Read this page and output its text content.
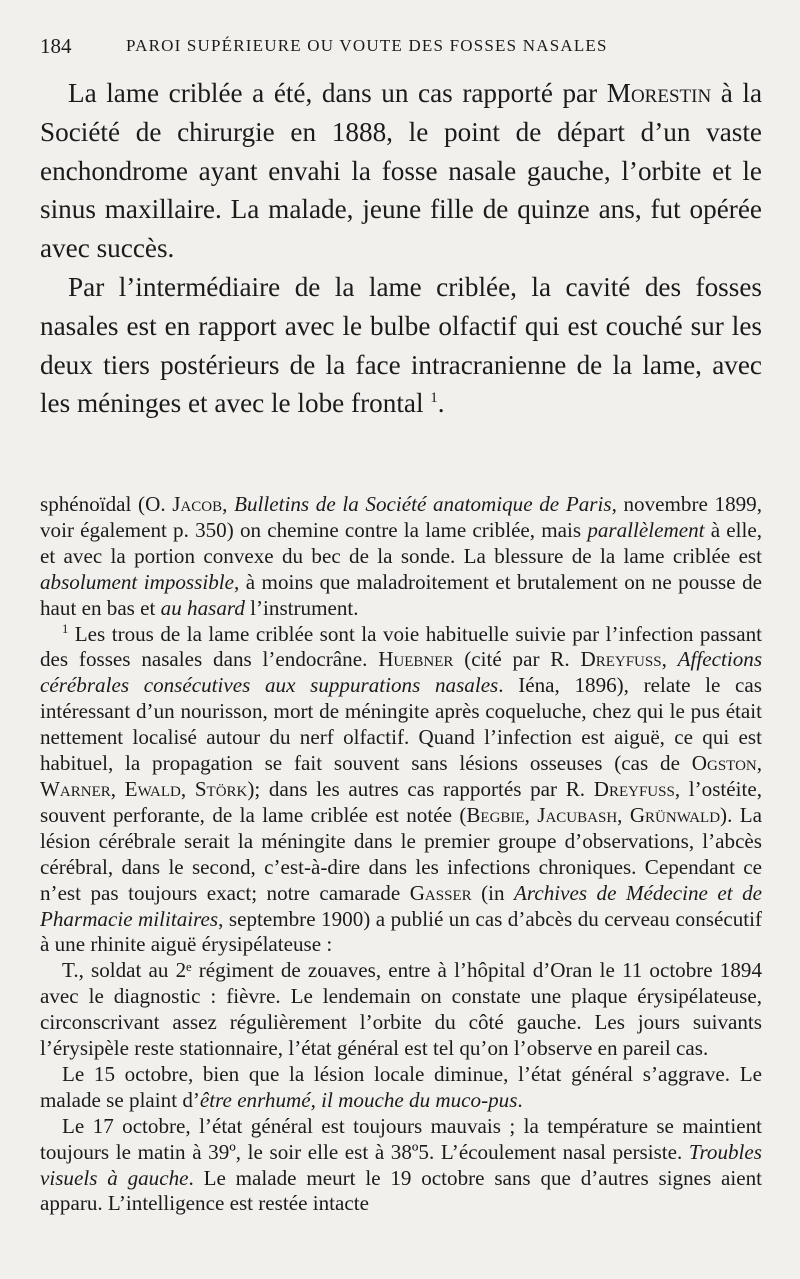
184	PAROI SUPÉRIEURE OU VOUTE DES FOSSES NASALES

La lame criblée a été, dans un cas rapporté par Morestin à la Société de chirurgie en 1888, le point de départ d’un vaste enchondrome ayant envahi la fosse nasale gauche, l’orbite et le sinus maxillaire. La malade, jeune fille de quinze ans, fut opérée avec succès.

Par l’intermédiaire de la lame criblée, la cavité des fosses nasales est en rapport avec le bulbe olfactif qui est couché sur les deux tiers postérieurs de la face intracranienne de la lame, avec les méninges et avec le lobe frontal $^1$.

sphénoïdal (O. Jacob, Bulletins de la Société anatomique de Paris, novembre 1899, voir également p. 350) on chemine contre la lame criblée, mais parallèlement à elle, et avec la portion convexe du bec de la sonde. La blessure de la lame criblée est absolument impossible, à moins que maladroitement et brutalement on ne pousse de haut en bas et au hasard l’instrument.

$^1$ Les trous de la lame criblée sont la voie habituelle suivie par l’infection passant des fosses nasales dans l’endocrâne. Huebner (cité par R. Dreyfuss, Affections cérébrales consécutives aux suppurations nasales. Iéna, 1896), relate le cas intéressant d’un nourisson, mort de méningite après coqueluche, chez qui le pus était nettement localisé autour du nerf olfactif. Quand l’infection est aiguë, ce qui est habituel, la propagation se fait souvent sans lésions osseuses (cas de Ogston, Warner, Ewald, Störk); dans les autres cas rapportés par R. Dreyfuss, l’ostéite, souvent perforante, de la lame criblée est notée (Begbie, Jacubash, Grünwald). La lésion cérébrale serait la méningite dans le premier groupe d’observations, l’abcès cérébral, dans le second, c’est-à-dire dans les infections chroniques. Cependant ce n’est pas toujours exact; notre camarade Gasser (in Archives de Médecine et de Pharmacie militaires, septembre 1900) a publié un cas d’abcès du cerveau consécutif à une rhinite aiguë érysipélateuse :

T., soldat au 2ᵉ régiment de zouaves, entre à l’hôpital d’Oran le 11 octobre 1894 avec le diagnostic : fièvre. Le lendemain on constate une plaque érysipélateuse, circonscrivant assez régulièrement l’orbite du côté gauche. Les jours suivants l’érysipèle reste stationnaire, l’état général est tel qu’on l’observe en pareil cas.

Le 15 octobre, bien que la lésion locale diminue, l’état général s’aggrave. Le malade se plaint d’être enrhumé, il mouche du muco-pus.

Le 17 octobre, l’état général est toujours mauvais ; la température se maintient toujours le matin à 39º, le soir elle est à 38º5. L’écoulement nasal persiste. Troubles visuels à gauche. Le malade meurt le 19 octobre sans que d’autres signes aient apparu. L’intelligence est restée intacte
